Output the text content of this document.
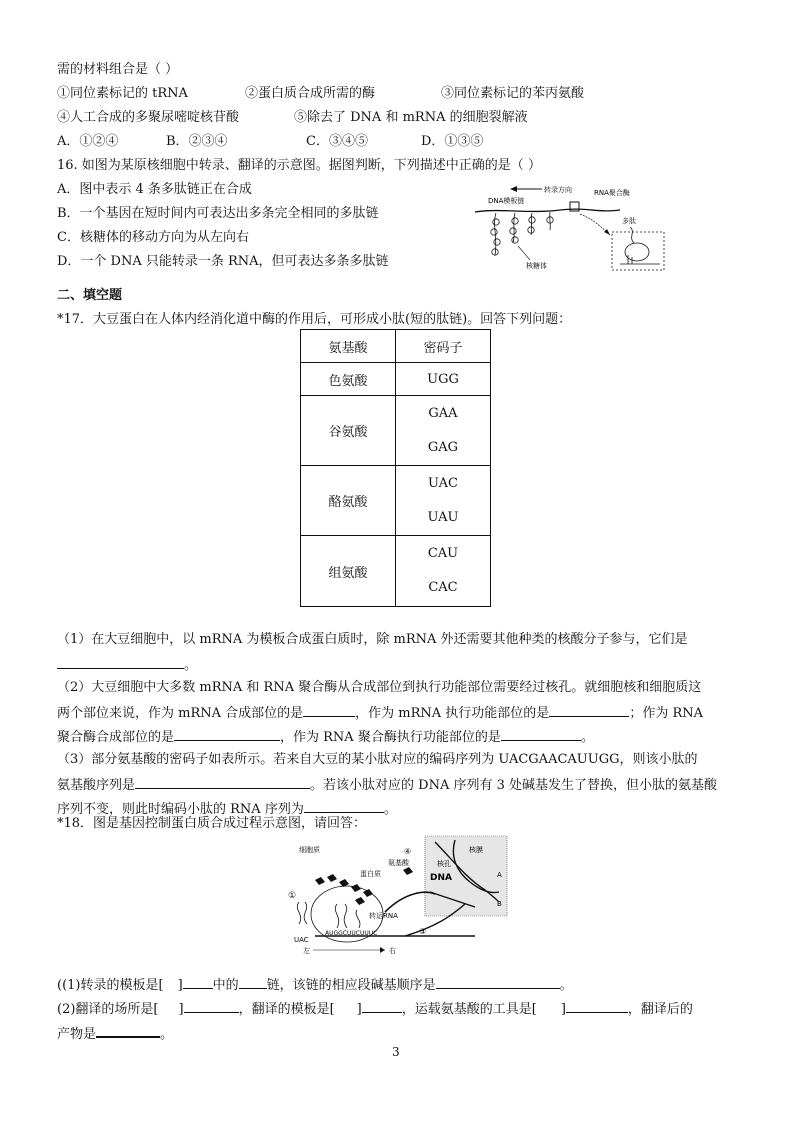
需的材料组合是（ ）
①同位素标记的 tRNA	②蛋白质合成所需的酶	③同位素标记的苯丙氨酸
④人工合成的多聚尿嘧啶核苷酸	⑤除去了 DNA 和 mRNA 的细胞裂解液
A．①②④	B．②③④	C．③④⑤	D．①③⑤
16. 如图为某原核细胞中转录、翻译的示意图。据图判断，下列描述中正确的是（ ）
A．图中表示 4 条多肽链正在合成
B．一个基因在短时间内可表达出多条完全相同的多肽链
C．核糖体的移动方向为从左向右
D．一个 DNA 只能转录一条 RNA，但可表达多条多肽链
转录方向	RNA聚合酶
DNA模板链
核糖体
多肽
二、填空题
*17．大豆蛋白在人体内经消化道中酶的作用后，可形成小肽(短的肽链)。回答下列问题：
氨基酸	密码子
色氨酸	UGG
谷氨酸	GAA
GAG

酪氨酸	UAC
UAU

组氨酸	CAU
CAC
（1）在大豆细胞中，以 mRNA 为模板合成蛋白质时，除 mRNA 外还需要其他种类的核酸分子参与，它们是
。
（2）大豆细胞中大多数 mRNA 和 RNA 聚合酶从合成部位到执行功能部位需要经过核孔。就细胞核和细胞质这
两个部位来说，作为 mRNA 合成部位的是	，作为 mRNA 执行功能部位的是	；作为 RNA
聚合酶合成部位的是	，作为 RNA 聚合酶执行功能部位的是	。
（3）部分氨基酸的密码子如表所示。若来自大豆的某小肽对应的编码序列为 UACGAACAUUGG，则该小肽的
氨基酸序列是	。若该小肽对应的 DNA 序列有 3 处碱基发生了替换，但小肽的氨基酸
序列不变，则此时编码小肽的 RNA 序列为	。
*18．图是基因控制蛋白质合成过程示意图，请回答：
细胞质	核膜
核孔
④
氨基酸
DNA	A
B
蛋白质
①
转运RNA
UAC
AUGGCUUCUUUC	③
左	右
((1)转录的模板是[ ] 中的 链，该链的相应段碱基顺序是	。
(2)翻译的场所是[ ]	，翻译的模板是[ ]	，运载氨基酸的工具是[ ]	，翻译后的
产物是	。
3
